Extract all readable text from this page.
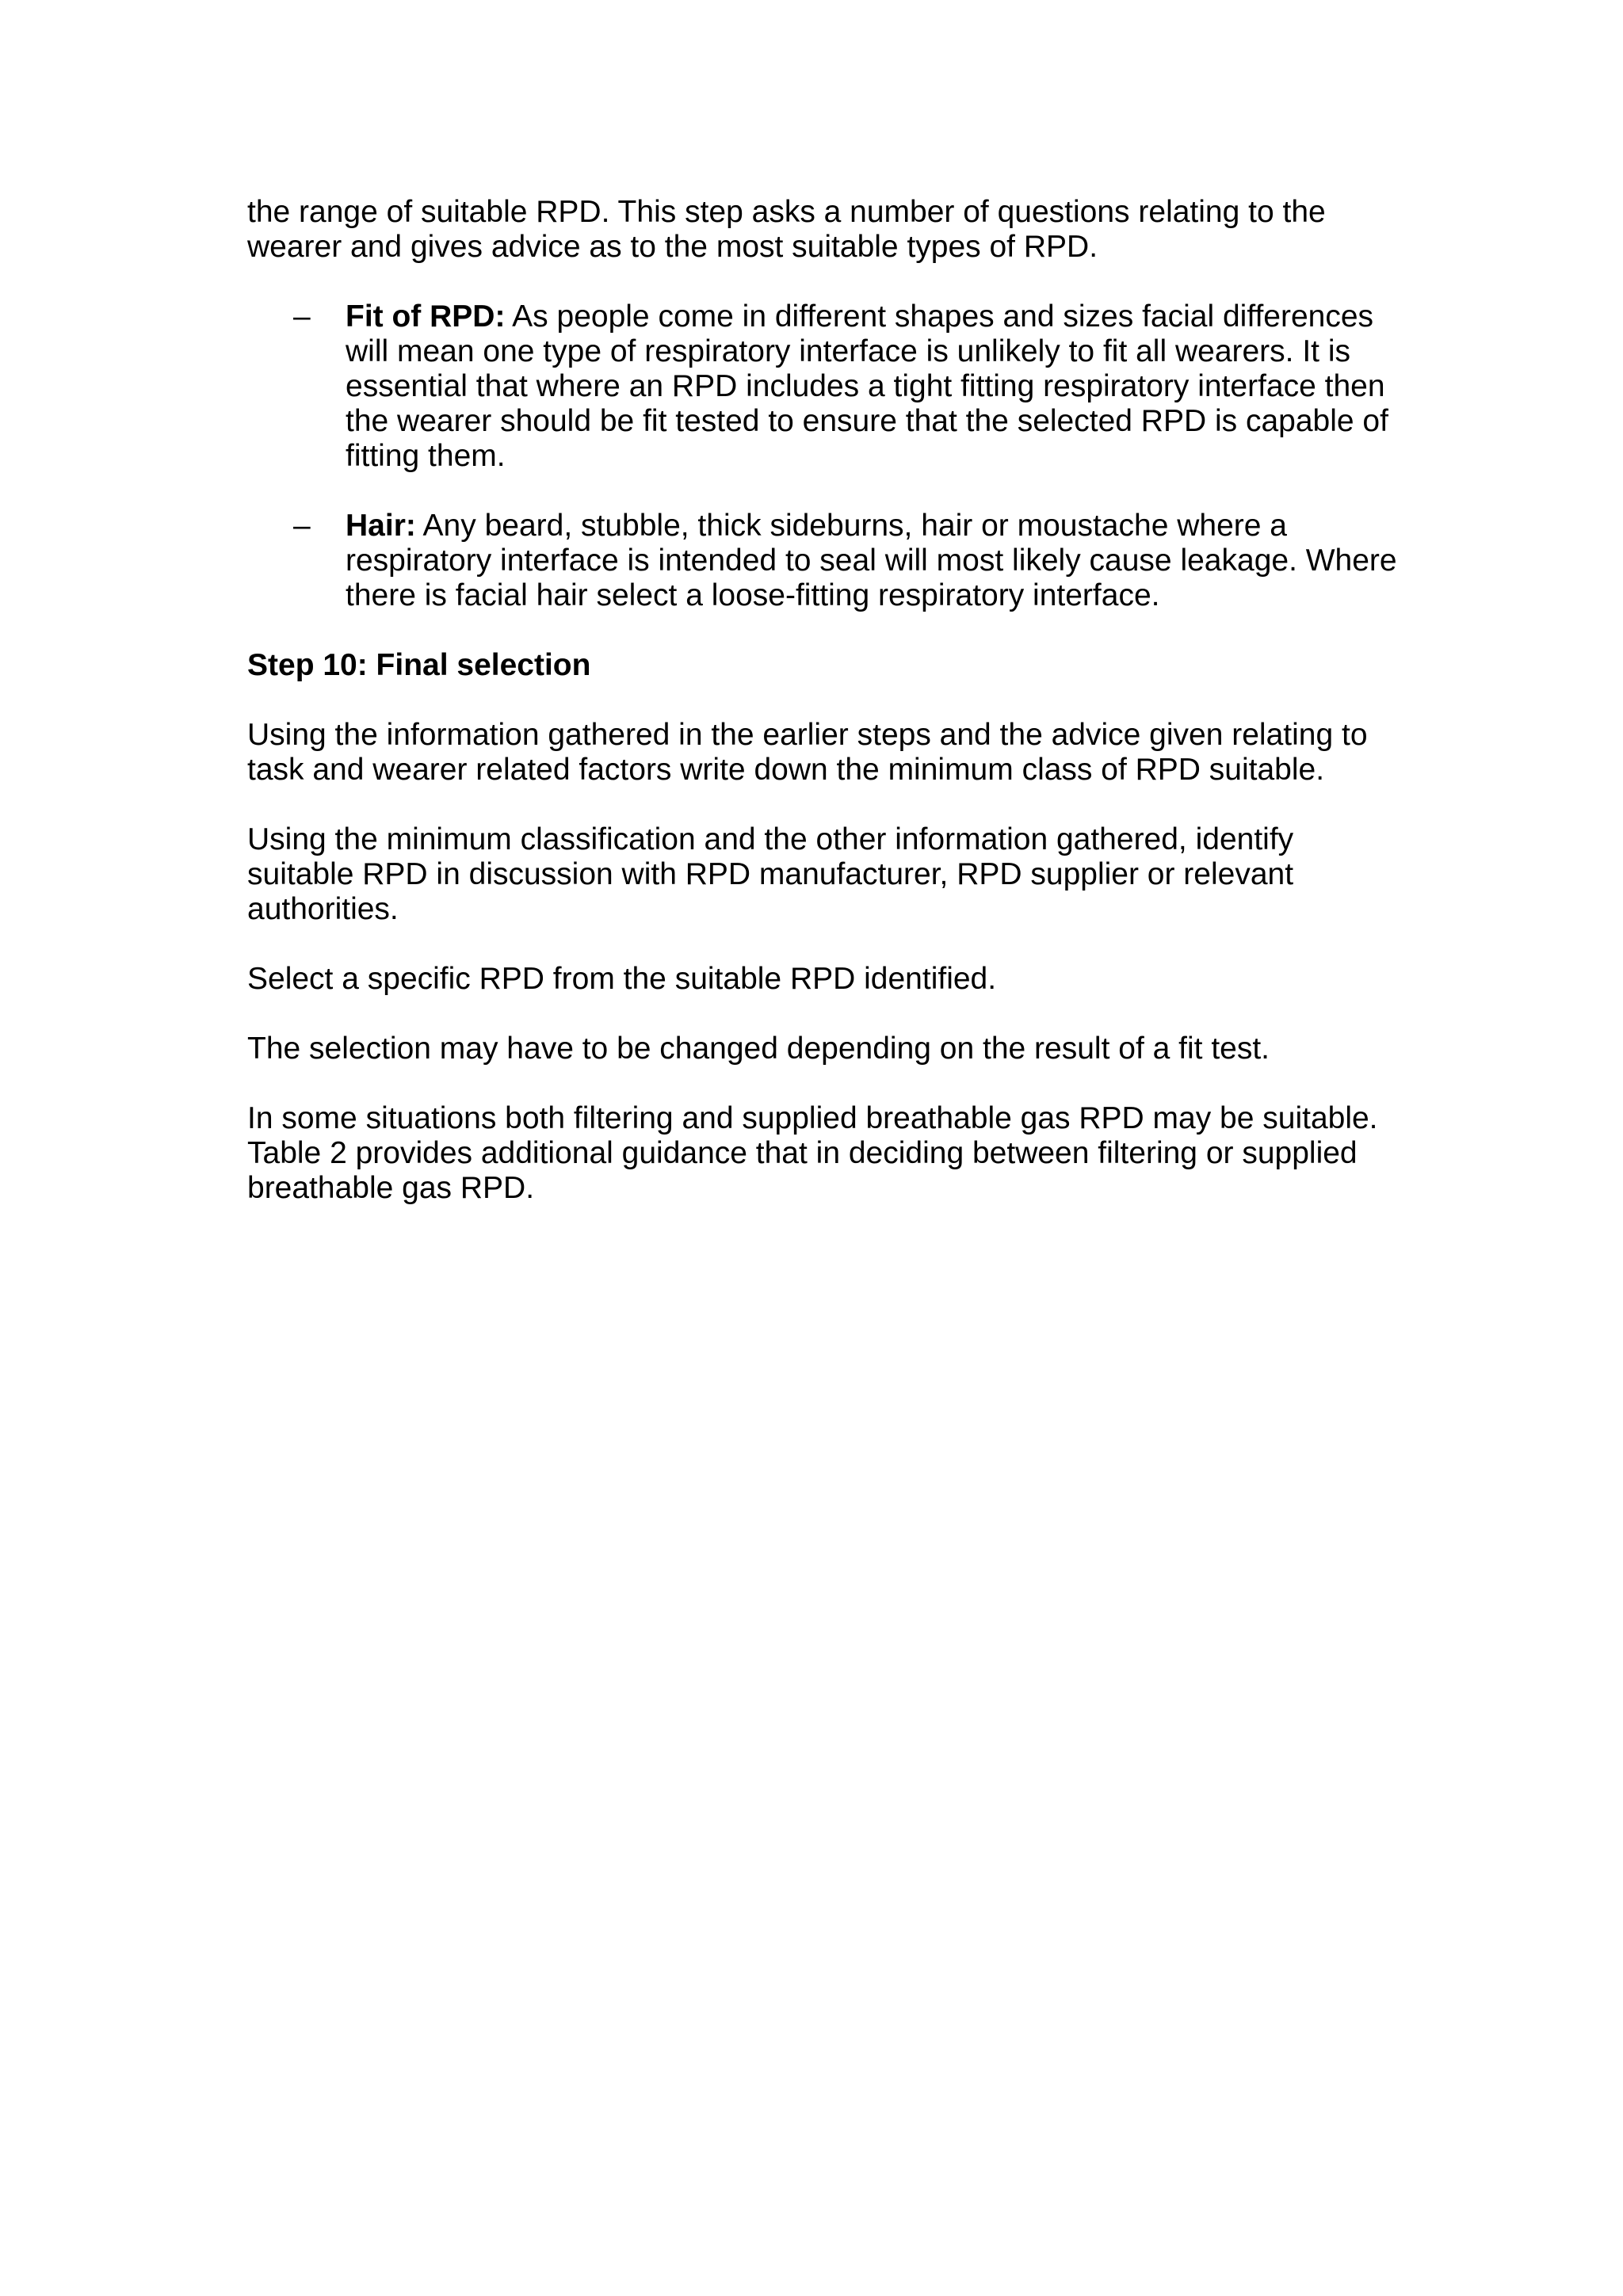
the range of suitable RPD. This step asks a number of questions relating to the wearer and gives advice as to the most suitable types of RPD.

– Fit of RPD: As people come in different shapes and sizes facial differences will mean one type of respiratory interface is unlikely to fit all wearers. It is essential that where an RPD includes a tight fitting respiratory interface then the wearer should be fit tested to ensure that the selected RPD is capable of fitting them.
– Hair: Any beard, stubble, thick sideburns, hair or moustache where a respiratory interface is intended to seal will most likely cause leakage. Where there is facial hair select a loose-fitting respiratory interface.

Step 10: Final selection

Using the information gathered in the earlier steps and the advice given relating to task and wearer related factors write down the minimum class of RPD suitable.

Using the minimum classification and the other information gathered, identify suitable RPD in discussion with RPD manufacturer, RPD supplier or relevant authorities.

Select a specific RPD from the suitable RPD identified.

The selection may have to be changed depending on the result of a fit test.

In some situations both filtering and supplied breathable gas RPD may be suitable. Table 2 provides additional guidance that in deciding between filtering or supplied breathable gas RPD.
